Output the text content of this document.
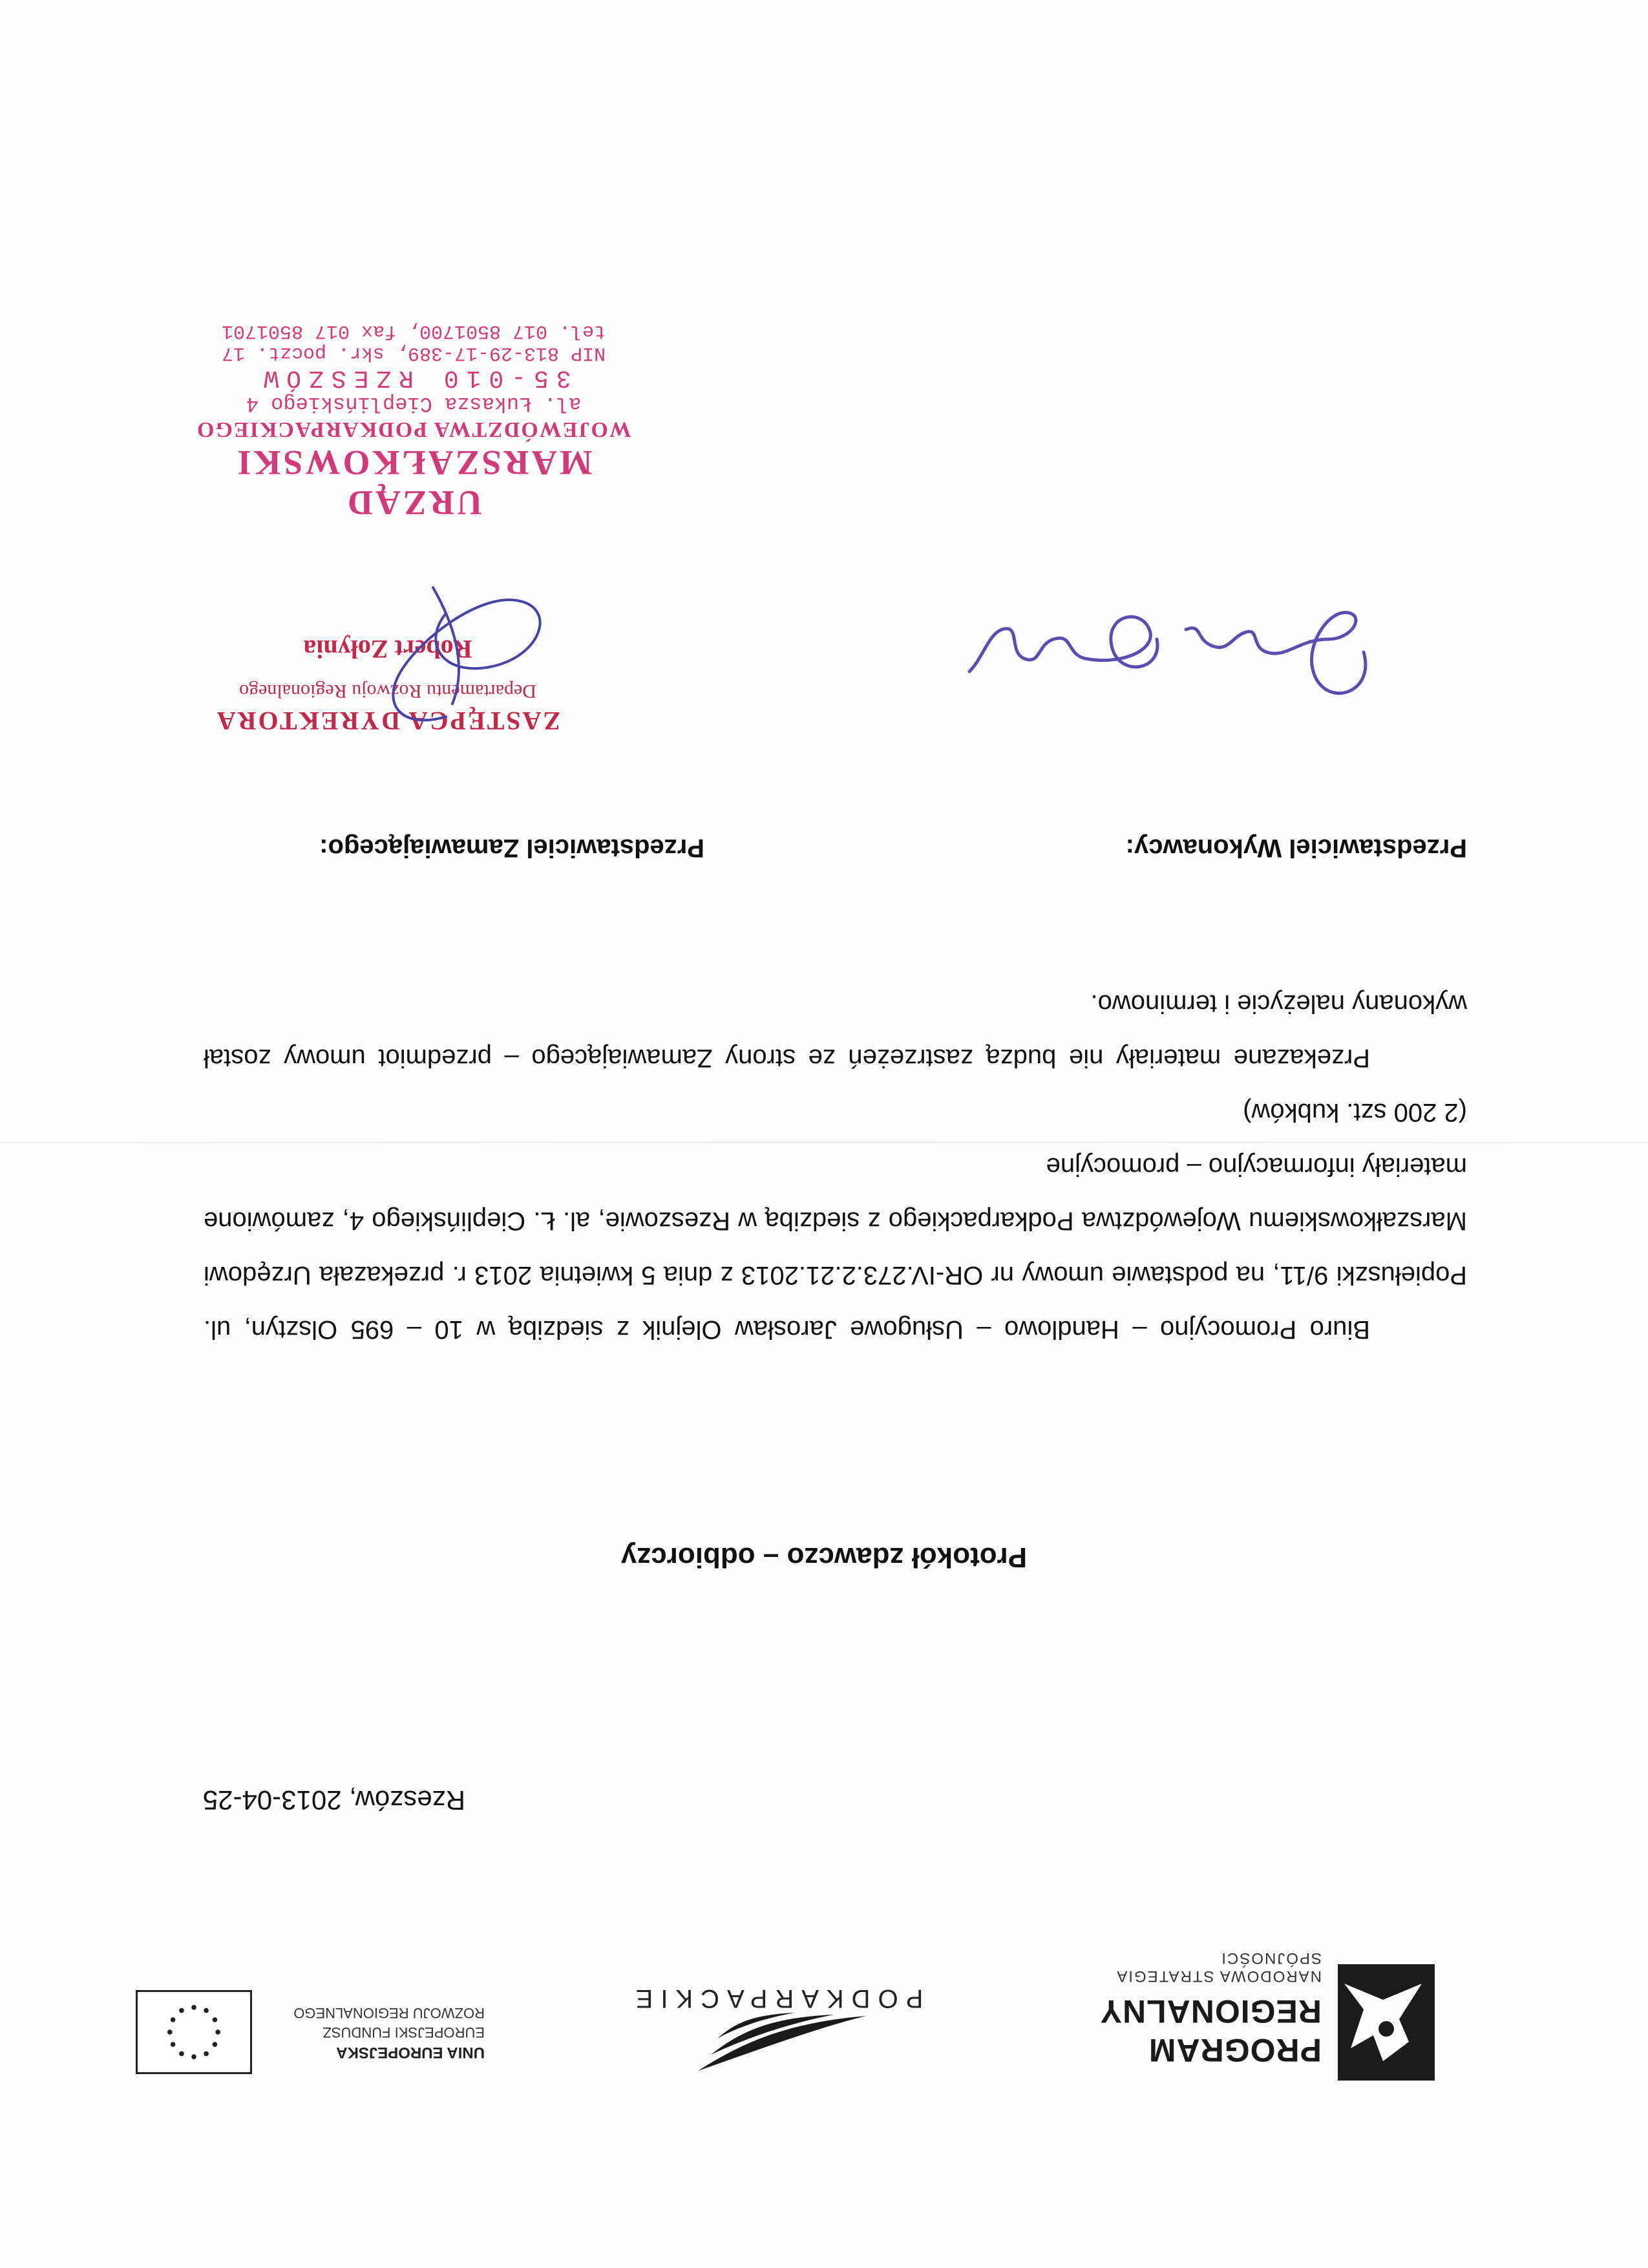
PROGRAM
REGIONALNY
NARODOWA STRATEGIA SPÓJNOŚCI
PODKARPACKIE
UNIA EUROPEJSKA
EUROPEJSKI FUNDUSZ
ROZWOJU REGIONALNEGO
Rzeszów, 2013-04-25
Protokół zdawczo – odbiorczy

Biuro Promocyjno – Handlowo – Usługowe Jarosław Olejnik z siedzibą w 10 – 695 Olsztyn, ul. Popiełuszki 9/11, na podstawie umowy nr OR-IV.273.2.21.2013 z dnia 5 kwietnia 2013 r. przekazała Urzędowi Marszałkowskiemu Województwa Podkarpackiego z siedzibą w Rzeszowie, al. Ł. Cieplińskiego 4, zamówione materiały informacyjno – promocyjne

(2 200 szt. kubków)

Przekazane materiały nie budzą zastrzeżeń ze strony Zamawiającego – przedmiot umowy został wykonany należycie i terminowo.

Przedstawiciel Wykonawcy:
Przedstawiciel Zamawiającego:
ZASTĘPCA DYREKTORA
Departamentu Rozwoju Regionalnego
Robert Zołynia
URZĄD MARSZAŁKOWSKI
WOJEWÓDZTWA PODKARPACKIEGO
al. Łukasza Cieplińskiego 4
35-010 RZESZÓW
NIP 813-29-17-389, skr. poczt. 17
tel. 017 8501700, fax 017 8501701
